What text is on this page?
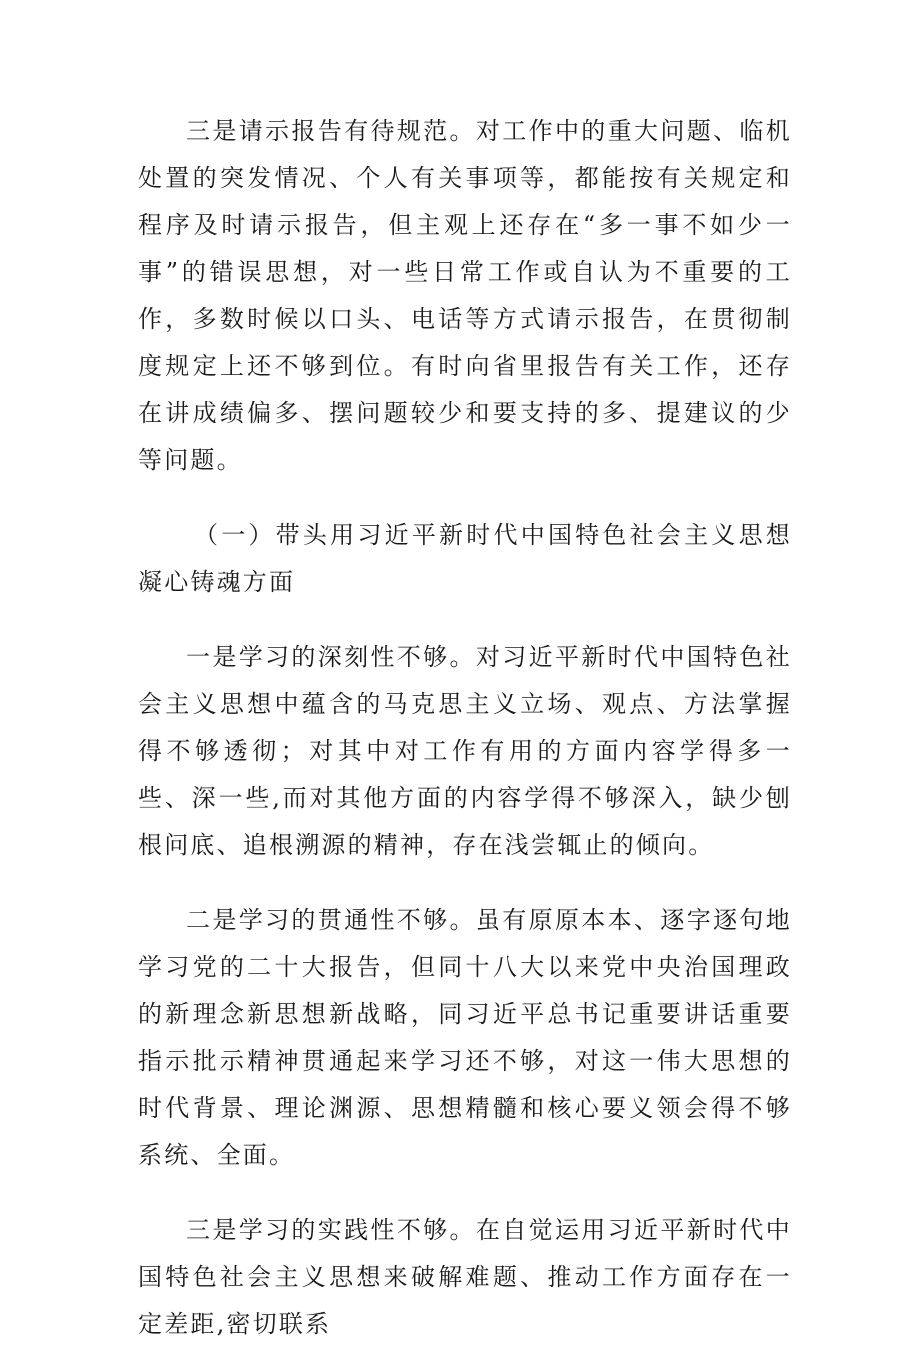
三是请示报告有待规范。对工作中的重大问题、临机处置的突发情况、个人有关事项等，都能按有关规定和程序及时请示报告，但主观上还存在“多一事不如少一事”的错误思想，对一些日常工作或自认为不重要的工作，多数时候以口头、电话等方式请示报告，在贯彻制度规定上还不够到位。有时向省里报告有关工作，还存在讲成绩偏多、摆问题较少和要支持的多、提建议的少等问题。

（一）带头用习近平新时代中国特色社会主义思想凝心铸魂方面

一是学习的深刻性不够。对习近平新时代中国特色社会主义思想中蕴含的马克思主义立场、观点、方法掌握得不够透彻；对其中对工作有用的方面内容学得多一些、深一些,而对其他方面的内容学得不够深入，缺少刨根问底、追根溯源的精神，存在浅尝辄止的倾向。

二是学习的贯通性不够。虽有原原本本、逐字逐句地学习党的二十大报告，但同十八大以来党中央治国理政的新理念新思想新战略，同习近平总书记重要讲话重要指示批示精神贯通起来学习还不够，对这一伟大思想的时代背景、理论渊源、思想精髓和核心要义领会得不够系统、全面。

三是学习的实践性不够。在自觉运用习近平新时代中国特色社会主义思想来破解难题、推动工作方面存在一定差距,密切联系
